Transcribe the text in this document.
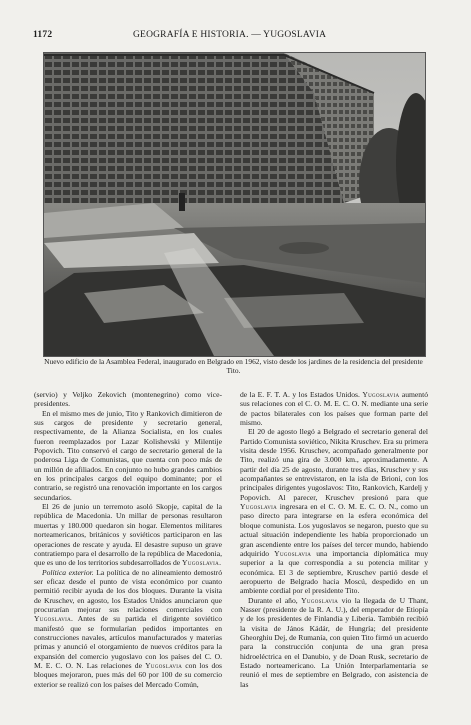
1172	GEOGRAFÍA E HISTORIA. — YUGOSLAVIA
Nuevo edificio de la Asamblea Federal, inaugurado en Belgrado en 1962, visto desde los jardines de la residencia del presidente Tito.

(servio) y Veljko Zekovich (montenegrino) como vice-presidentes.

En el mismo mes de junio, Tito y Rankovich dimitieron de sus cargos de presidente y secretario general, respectivamente, de la Alianza Socialista, en los cuales fueron reemplazados por Lazar Kolishevski y Milentije Popovich. Tito conservó el cargo de secretario general de la poderosa Liga de Comunistas, que cuenta con poco más de un millón de afiliados. En conjunto no hubo grandes cambios en los principales cargos del equipo dominante; por el contrario, se registró una renovación importante en los cargos secundarios.

El 26 de junio un terremoto asoló Skopje, capital de la república de Macedonia. Un millar de personas resultaron muertas y 180.000 quedaron sin hogar. Elementos militares norteamericanos, británicos y soviéticos participaron en las operaciones de rescate y ayuda. El desastre supuso un grave contratiempo para el desarrollo de la república de Macedonia, que es uno de los territorios subdesarrollados de Yugoslavia.

Política exterior. La política de no alineamiento demostró ser eficaz desde el punto de vista económico por cuanto permitió recibir ayuda de los dos bloques. Durante la visita de Kruschev, en agosto, los Estados Unidos anunciaron que procurarían mejorar sus relaciones comerciales con Yugoslavia. Antes de su partida el dirigente soviético manifestó que se formularían pedidos importantes en construcciones navales, artículos manufacturados y materias primas y anunció el otorgamiento de nuevos créditos para la expansión del comercio yugoslavo con los países del C. O. M. E. C. O. N. Las relaciones de Yugoslavia con los dos bloques mejoraron, pues más del 60 por 100 de su comercio exterior se realizó con los países del Mercado Común,

de la E. F. T. A. y los Estados Unidos. Yugoslavia aumentó sus relaciones con el C. O. M. E. C. O. N. mediante una serie de pactos bilaterales con los países que forman parte del mismo.

El 20 de agosto llegó a Belgrado el secretario general del Partido Comunista soviético, Nikita Kruschev. Era su primera visita desde 1956. Kruschev, acompañado generalmente por Tito, realizó una gira de 3.000 km., aproximadamente. A partir del día 25 de agosto, durante tres días, Kruschev y sus acompañantes se entrevistaron, en la isla de Brioni, con los principales dirigentes yugoslavos: Tito, Rankovich, Kardelj y Popovich. Al parecer, Kruschev presionó para que Yugoslavia ingresara en el C. O. M. E. C. O. N., como un paso directo para integrarse en la esfera económica del bloque comunista. Los yugoslavos se negaron, puesto que su actual situación independiente les había proporcionado un gran ascendiente entre los países del tercer mundo, habiendo adquirido Yugoslavia una importancia diplomática muy superior a la que correspondía a su potencia militar y económica. El 3 de septiembre, Kruschev partió desde el aeropuerto de Belgrado hacia Moscú, despedido en un ambiente cordial por el presidente Tito.

Durante el año, Yugoslavia vio la llegada de U Thant, Nasser (presidente de la R. A. U.), del emperador de Etiopía y de los presidentes de Finlandia y Liberia. También recibió la visita de János Kádár, de Hungría; del presidente Gheorghiu Dej, de Rumanía, con quien Tito firmó un acuerdo para la construcción conjunta de una gran presa hidroeléctrica en el Danubio, y de Doan Rusk, secretario de Estado norteamericano. La Unión Interparlamentaria se reunió el mes de septiembre en Belgrado, con asistencia de las
